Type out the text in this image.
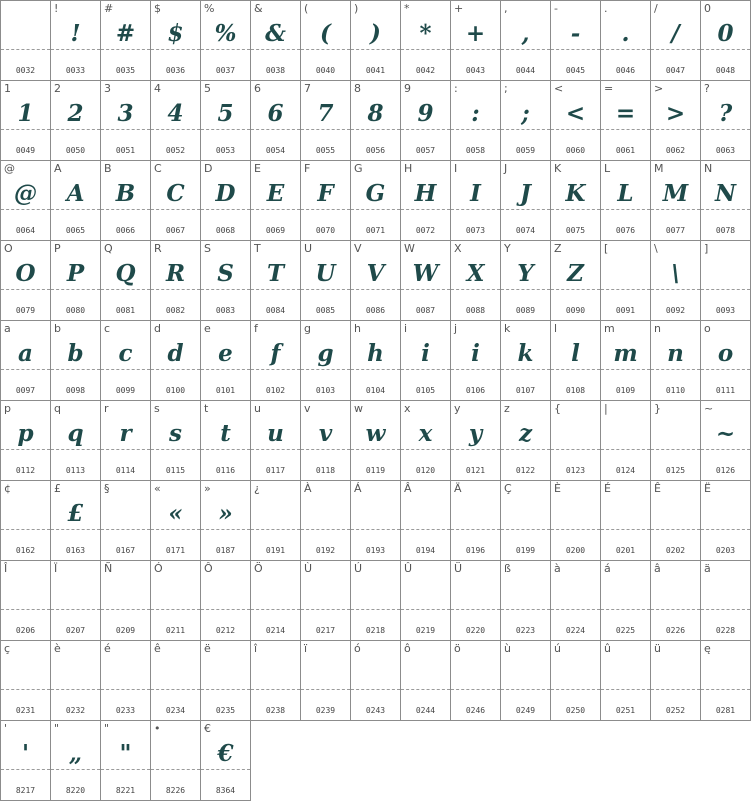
0032
!
!
0033
#
#
0035
$
$
0036
%
%
0037
&
&
0038
(
(
0040
)
)
0041
*
*
0042
+
+
0043
,
,
0044
-
-
0045
.
.
0046
/
/
0047
0
0
0048
1
1
0049
2
2
0050
3
3
0051
4
4
0052
5
5
0053
6
6
0054
7
7
0055
8
8
0056
9
9
0057
:
:
0058
;
;
0059
<
<
0060
=
=
0061
>
>
0062
?
?
0063
@
@
0064
A
A
0065
B
B
0066
C
C
0067
D
D
0068
E
E
0069
F
F
0070
G
G
0071
H
H
0072
I
I
0073
J
J
0074
K
K
0075
L
L
0076
M
M
0077
N
N
0078
O
O
0079
P
P
0080
Q
Q
0081
R
R
0082
S
S
0083
T
T
0084
U
U
0085
V
V
0086
W
W
0087
X
X
0088
Y
Y
0089
Z
Z
0090
[
0091
\
\
0092
]
0093
a
a
0097
b
b
0098
c
c
0099
d
d
0100
e
e
0101
f
f
0102
g
g
0103
h
h
0104
i
i
0105
j
i
0106
k
k
0107
l
l
0108
m
m
0109
n
n
0110
o
o
0111
p
p
0112
q
q
0113
r
r
0114
s
s
0115
t
t
0116
u
u
0117
v
v
0118
w
w
0119
x
x
0120
y
y
0121
z
z
0122
{
0123
|
0124
}
0125
~
~
0126
¢
0162
£
£
0163
§
0167
«
«
0171
»
»
0187
¿
0191
À
0192
Á
0193
Â
0194
Ä
0196
Ç
0199
È
0200
É
0201
Ê
0202
Ë
0203
Î
0206
Ï
0207
Ñ
0209
Ó
0211
Ô
0212
Ö
0214
Ù
0217
Ú
0218
Û
0219
Ü
0220
ß
0223
à
0224
á
0225
â
0226
ä
0228
ç
0231
è
0232
é
0233
ê
0234
ë
0235
î
0238
ï
0239
ó
0243
ô
0244
ö
0246
ù
0249
ú
0250
û
0251
ü
0252
ę
0281
'
'
8217
"
„
8220
"
"
8221
•
8226
€
€
8364
